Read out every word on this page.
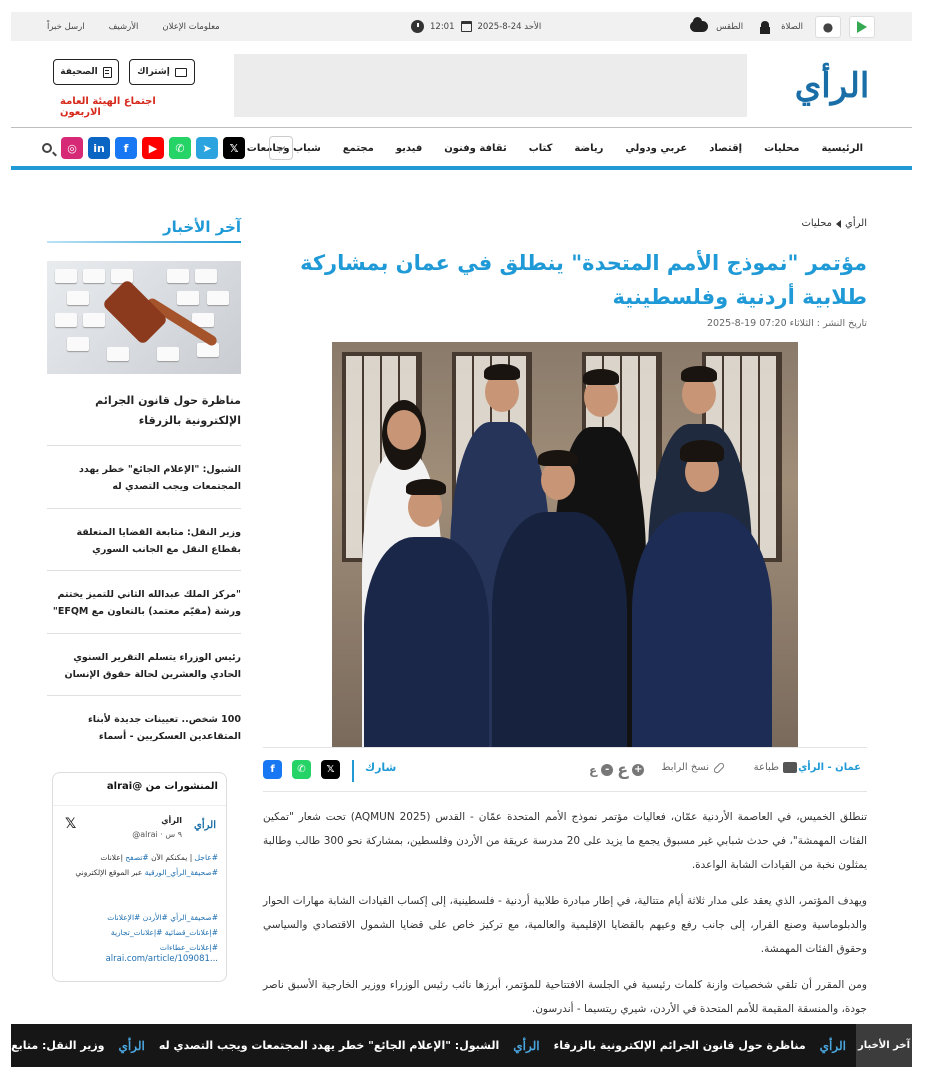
الطقس	الصلاة ●
12:01	الأحد 24-8-2025
معلومات الإعلان
الأرشيف
ارسل خبراً
الرأي
إشتراك
الصحيفة
اجتماع الهيئة العامة الاربعون
الرئيسية
محليات
إقتصاد
عربي ودولي
رياضة
كتاب
ثقافة وفنون
فيديو
مجتمع
شباب وجامعات
◎	in	f	▶	✆	➤	𝕏
الرأي
محليات
مؤتمر "نموذج الأمم المتحدة" ينطلق في عمان بمشاركة طلابية أردنية وفلسطينية
تاريخ النشر : الثلاثاء 07:20 19-8-2025
عمان - الرأي
طباعة
نسخ الرابط
ع - ع +
شارك
f	✆	𝕏

تنطلق الخميس، في العاصمة الأردنية عمّان، فعاليات مؤتمر نموذج الأمم المتحدة عمّان - القدس (AQMUN 2025) تحت شعار "تمكين الفئات المهمشة"، في حدث شبابي غير مسبوق يجمع ما يزيد على 20 مدرسة عريقة من الأردن وفلسطين، بمشاركة نحو 300 طالب وطالبة يمثلون نخبة من القيادات الشابة الواعدة.

ويهدف المؤتمر، الذي يعقد على مدار ثلاثة أيام متتالية، في إطار مبادرة طلابية أردنية - فلسطينية، إلى إكساب القيادات الشابة مهارات الحوار والدبلوماسية وصنع القرار، إلى جانب رفع وعيهم بالقضايا الإقليمية والعالمية، مع تركيز خاص على قضايا الشمول الاقتصادي والسياسي وحقوق الفئات المهمشة.

ومن المقرر أن تلقي شخصيات وازنة كلمات رئيسية في الجلسة الافتتاحية للمؤتمر، أبرزها نائب رئيس الوزراء ووزير الخارجية الأسبق ناصر جودة، والمنسقة المقيمة للأمم المتحدة في الأردن، شيري ريتسيما - أندرسون.

آخر الأخبار
مناظرة حول قانون الجرائم الإلكترونية بالزرقاء
الشبول: "الإعلام الجائع" خطر يهدد المجتمعات ويجب التصدي له
وزير النقل: متابعة القضايا المتعلقة بقطاع النقل مع الجانب السوري
"مركز الملك عبدالله الثاني للتميز يختتم ورشة (مقيّم معتمد) بالتعاون مع EFQM"
رئيس الوزراء يتسلم التقرير السنوي الحادي والعشرين لحالة حقوق الإنسان
100 شخص.. تعيينات جديدة لأبناء المتقاعدين العسكريين - أسماء
المنشورات من @alrai
𝕏	الرأي
الرأي
@alrai · ٩ س
#عاجل | يمكنكم الآن #تصفح إعلانات
#صحيفة_الرأي_الورقية عبر الموقع الإلكتروني
#صحيفة_الرأي #الأردن #الإعلانات #إعلانات_قضائية #إعلانات_تجارية #إعلانات_عطاءات
alrai.com/article/109081...
آخر الأخبار
الرأي
مناظرة حول قانون الجرائم الإلكترونية بالزرقاء
الرأي
الشبول: "الإعلام الجائع" خطر يهدد المجتمعات ويجب التصدي له
الرأي
وزير النقل: متابع
